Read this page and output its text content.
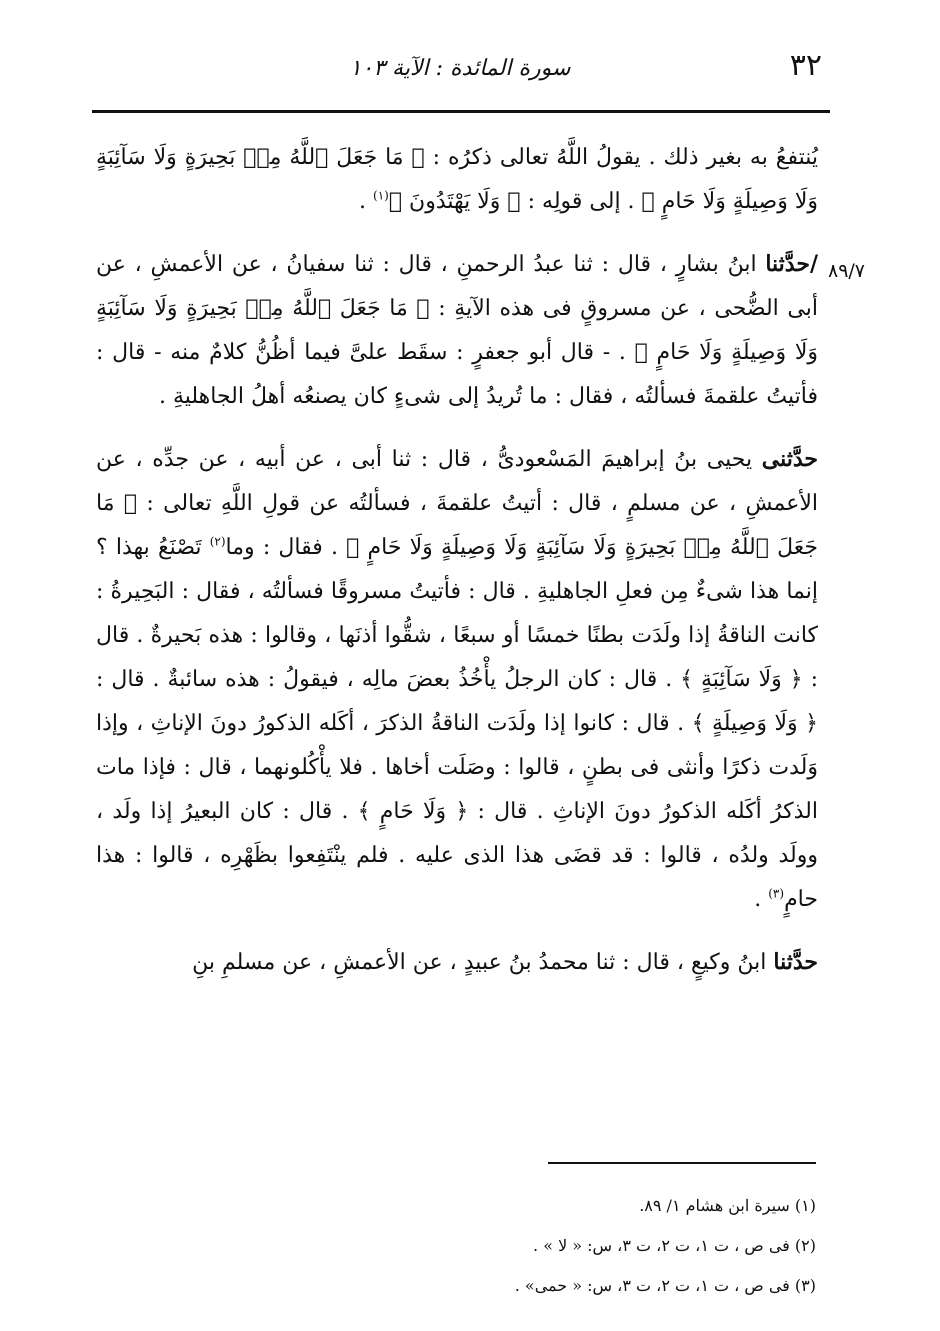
٣٢
سورة المائدة : الآية ١٠٣
٨٩/٧

يُنتفعُ به بغير ذلك . يقولُ اللَّهُ تعالى ذكرُه : ﴿ مَا جَعَلَ ٱللَّهُ مِنۢ بَحِيرَةٍ وَلَا سَآئِبَةٍ وَلَا وَصِيلَةٍ وَلَا حَامٍ ﴾ . إلى قولِه : ﴿ وَلَا يَهْتَدُونَ ﴾$^{(١)}$ .

/حدَّثنا ابنُ بشارٍ ، قال : ثنا عبدُ الرحمنِ ، قال : ثنا سفيانُ ، عن الأعمشِ ، عن أبى الضُّحى ، عن مسروقٍ فى هذه الآيةِ : ﴿ مَا جَعَلَ ٱللَّهُ مِنۢ بَحِيرَةٍ وَلَا سَآئِبَةٍ وَلَا وَصِيلَةٍ وَلَا حَامٍ ﴾ . - قال أبو جعفرٍ : سقَط علىَّ فيما أظُنُّ كلامٌ منه - قال : فأتيتُ علقمةَ فسألتُه ، فقال : ما تُريدُ إلى شىءٍ كان يصنعُه أهلُ الجاهليةِ .

حدَّثنى يحيى بنُ إبراهيمَ المَسْعودىُّ ، قال : ثنا أبى ، عن أبيه ، عن جدِّه ، عن الأعمشِ ، عن مسلمٍ ، قال : أتيتُ علقمةَ ، فسألتُه عن قولِ اللَّهِ تعالى : ﴿ مَا جَعَلَ ٱللَّهُ مِنۢ بَحِيرَةٍ وَلَا سَآئِبَةٍ وَلَا وَصِيلَةٍ وَلَا حَامٍ ﴾ . فقال : وما$^{(٢)}$ تَصْنَعُ بهذا ؟ إنما هذا شىءٌ مِن فعلِ الجاهليةِ . قال : فأتيتُ مسروقًا فسألتُه ، فقال : البَحِيرةُ : كانت الناقةُ إذا ولَدَت بطنًا خمسًا أو سبعًا ، شقُّوا أذنَها ، وقالوا : هذه بَحيرةٌ . قال : ﴿ وَلَا سَآئِبَةٍ ﴾ . قال : كان الرجلُ يأْخُذُ بعضَ مالِه ، فيقولُ : هذه سائبةٌ . قال : ﴿ وَلَا وَصِيلَةٍ ﴾ . قال : كانوا إذا ولَدَت الناقةُ الذكرَ ، أكَله الذكورُ دونَ الإناثِ ، وإذا وَلَدت ذكرًا وأنثى فى بطنٍ ، قالوا : وصَلَت أخاها . فلا يأْكُلونهما ، قال : فإذا مات الذكرُ أكَله الذكورُ دونَ الإناثِ . قال : ﴿ وَلَا حَامٍ ﴾ . قال : كان البعيرُ إذا ولَد ، وولَد ولدُه ، قالوا : قد قضَى هذا الذى عليه . فلم ينْتَفِعوا بظَهْرِه ، قالوا : هذا حامٍ$^{(٣)}$ .

حدَّثنا ابنُ وكيعٍ ، قال : ثنا محمدُ بنُ عبيدٍ ، عن الأعمشِ ، عن مسلمِ بنِ

(١) سيرة ابن هشام ١/ ٨٩.
(٢) فى ص ، ت ١، ت ٢، ت ٣، س: « لا » .
(٣) فى ص ، ت ١، ت ٢، ت ٣، س: « حمى» .
